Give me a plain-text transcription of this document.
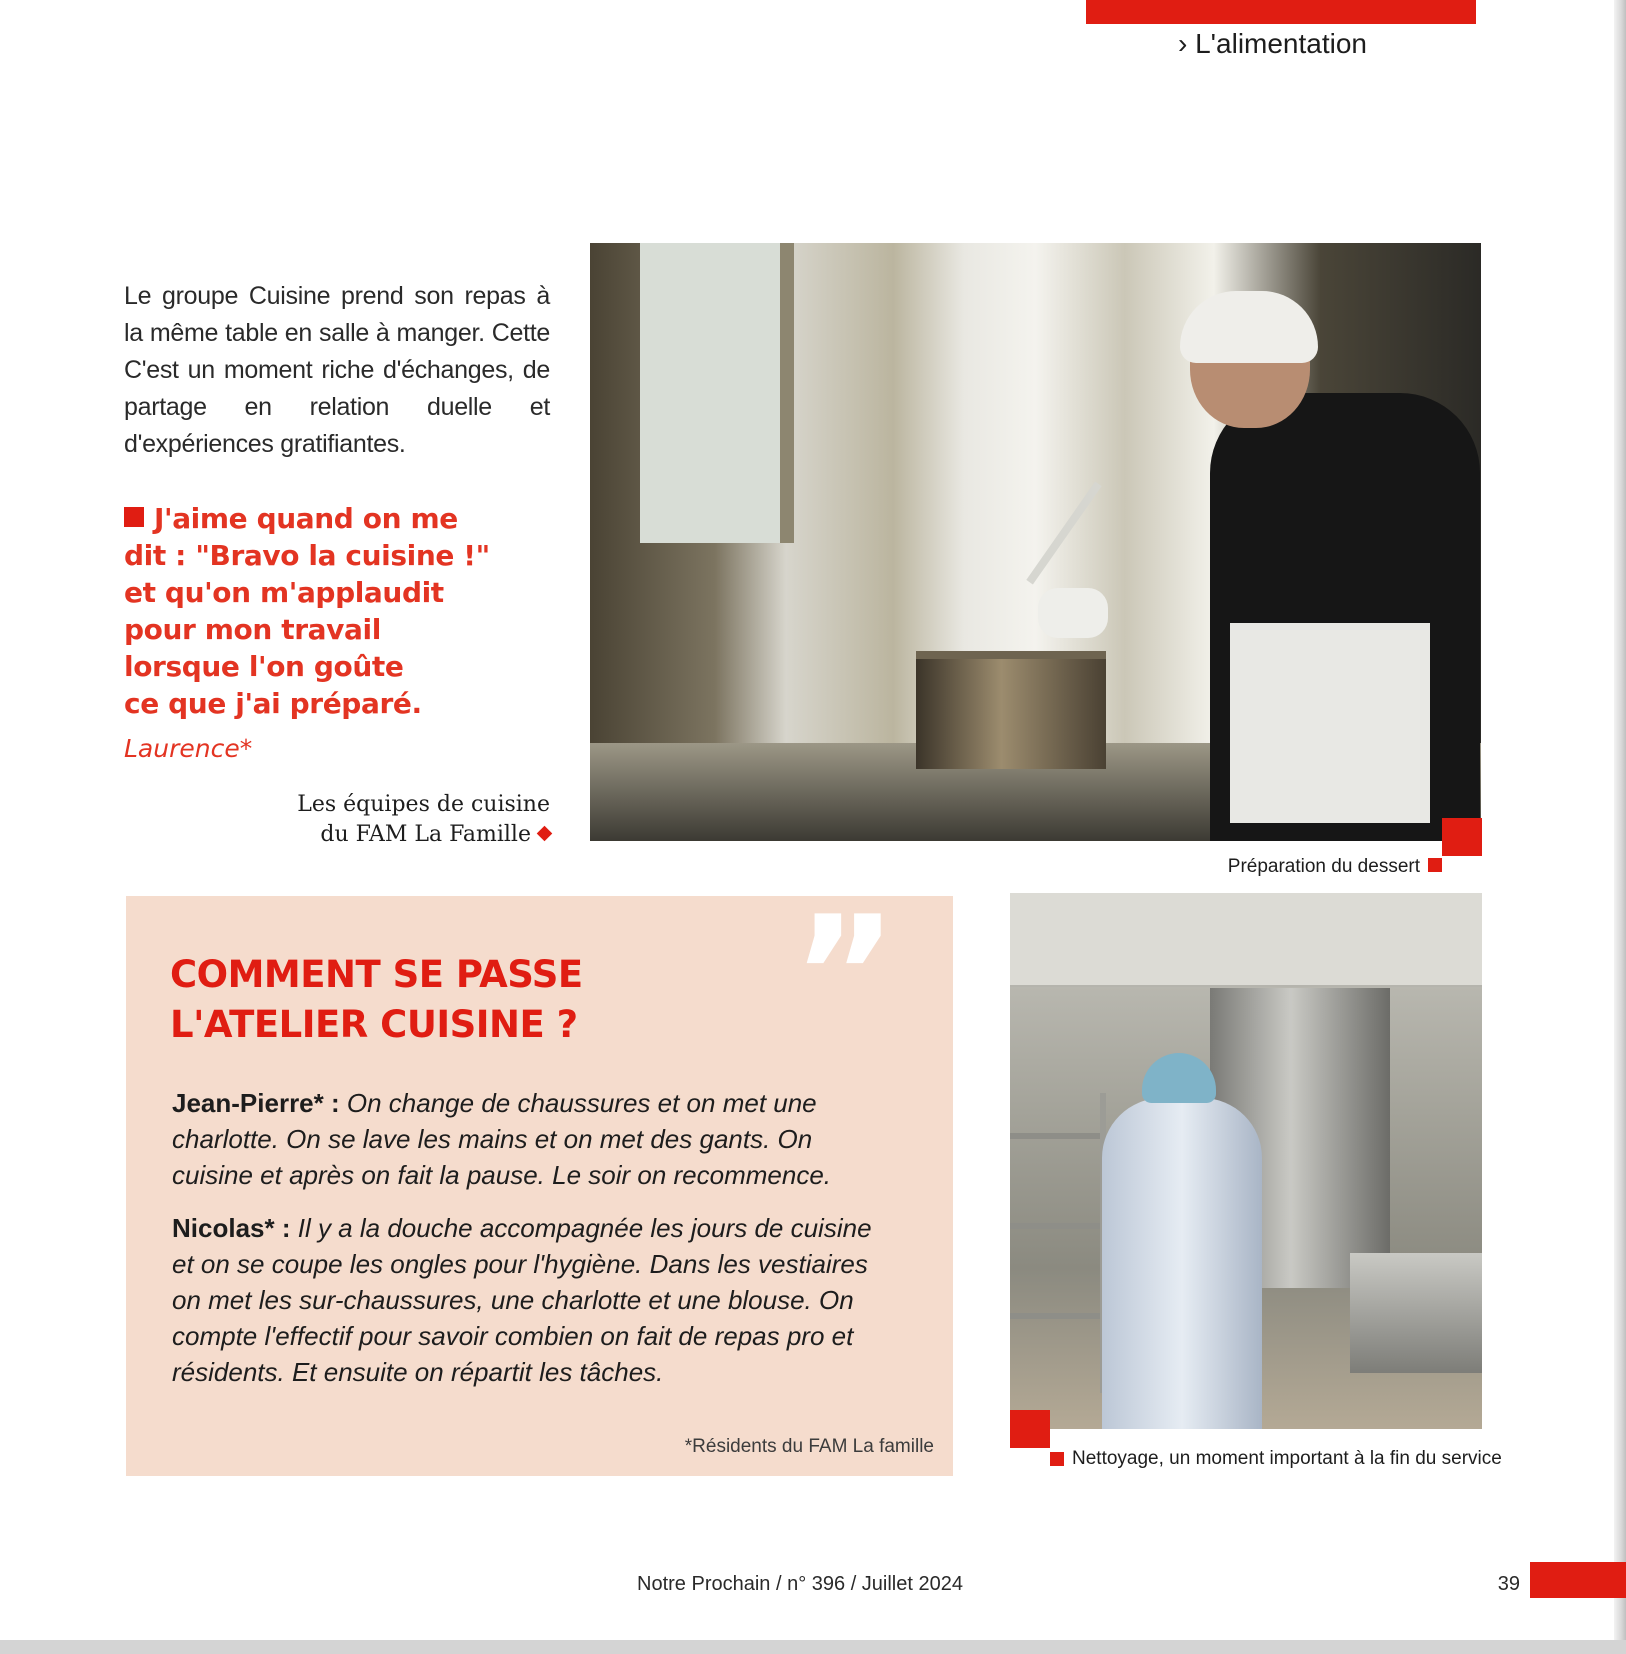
› L'alimentation
Le groupe Cuisine prend son repas à la même table en salle à manger. Cette C'est un moment riche d'échanges, de partage en relation duelle et d'expériences gratifiantes.
J'aime quand on me
dit : "Bravo la cuisine !"
et qu'on m'applaudit
pour mon travail
lorsque l'on goûte
ce que j'ai préparé.
Laurence*
Les équipes de cuisine
du FAM La Famille
Préparation du dessert
COMMENT SE PASSE
L'ATELIER CUISINE ?	”
Jean-Pierre* : On change de chaussures et on met une charlotte. On se lave les mains et on met des gants. On cuisine et après on fait la pause. Le soir on recommence.
Nicolas* : Il y a la douche accompagnée les jours de cuisine et on se coupe les ongles pour l'hygiène. Dans les vestiaires on met les sur-chaussures, une charlotte et une blouse. On compte l'effectif pour savoir combien on fait de repas pro et résidents. Et ensuite on répartit les tâches.
*Résidents du FAM La famille
Nettoyage, un moment important à la fin du service
Notre Prochain / n° 396 / Juillet 2024	39
